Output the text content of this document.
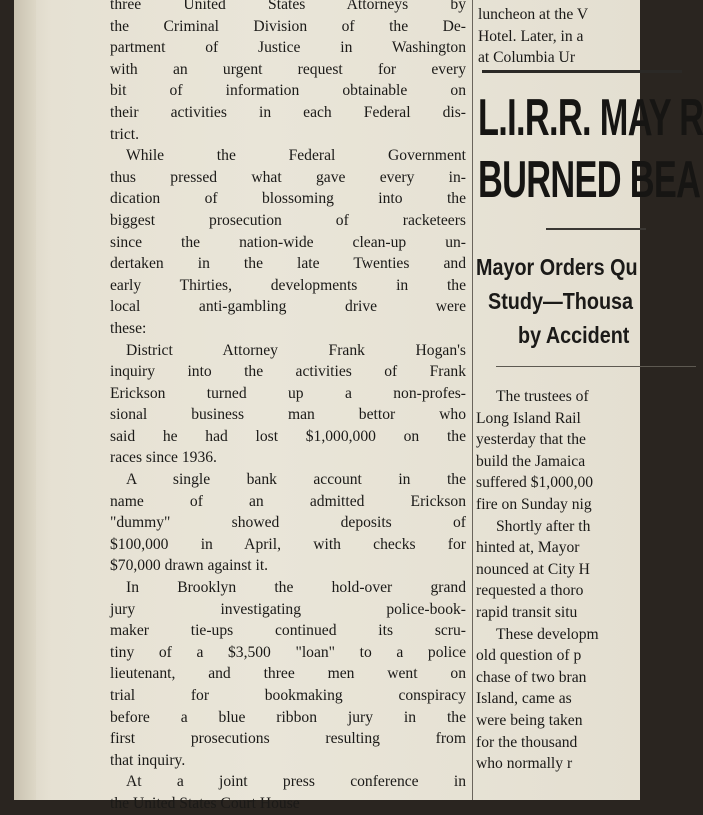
three United States Attorneys by
the Criminal Division of the De-
partment of Justice in Washington
with an urgent request for every
bit of information obtainable on
their activities in each Federal dis-
trict.

While the Federal Government
thus pressed what gave every in-
dication of blossoming into the
biggest prosecution of racketeers
since the nation-wide clean-up un-
dertaken in the late Twenties and
early Thirties, developments in the
local anti-gambling drive were
these:

District Attorney Frank Hogan's
inquiry into the activities of Frank
Erickson turned up a non-profes-
sional business man bettor who
said he had lost $1,000,000 on the
races since 1936.

A single bank account in the
name of an admitted Erickson
"dummy" showed deposits of
$100,000 in April, with checks for
$70,000 drawn against it.

In Brooklyn the hold-over grand
jury investigating police-book-
maker tie-ups continued its scru-
tiny of a $3,500 "loan" to a police
lieutenant, and three men went on
trial for bookmaking conspiracy
before a blue ribbon jury in the
first prosecutions resulting from
that inquiry.

At a joint press conference in
the United States Court House

luncheon at the V
Hotel. Later, in a
at Columbia Ur
L.I.R.R. MAY R
BURNED BEA
Mayor Orders Qu
Study—Thousa
by Accident
The trustees of
Long Island Rail
yesterday that the
build the Jamaica
suffered $1,000,00
fire on Sunday nig
Shortly after th
hinted at, Mayor
nounced at City H
requested a thoro
rapid transit situ
These developm
old question of p
chase of two bran
Island, came as
were being taken
for the thousand
who normally r
